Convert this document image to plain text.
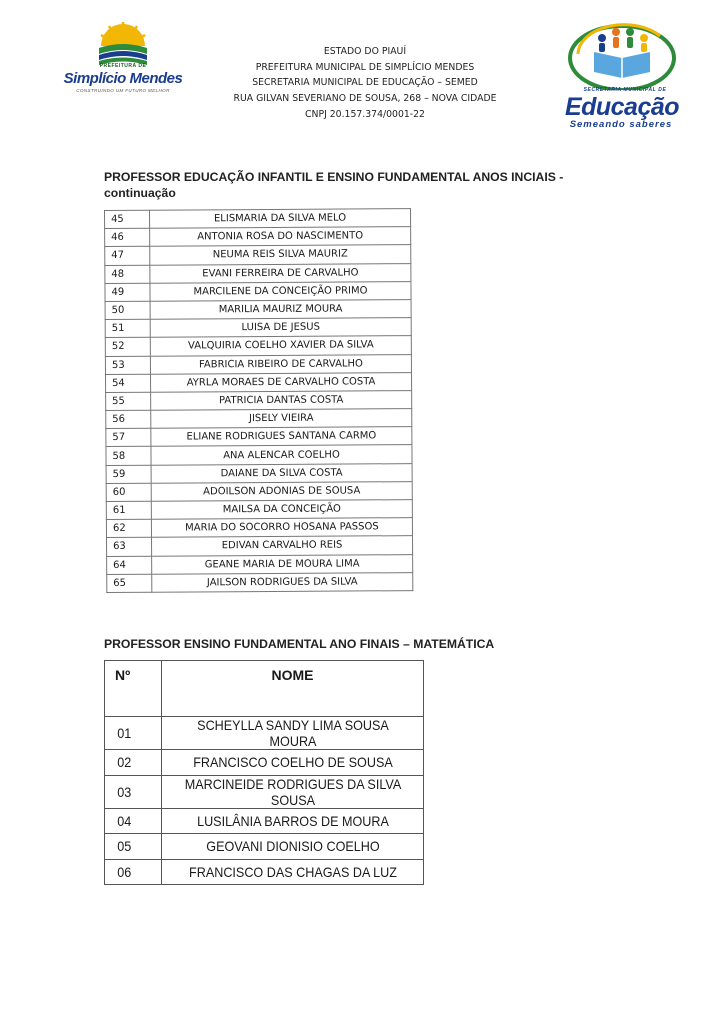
PREFEITURA DE
Simplício Mendes
CONSTRUINDO UM FUTURO MELHOR
ESTADO DO PIAUÍ
PREFEITURA MUNICIPAL DE SIMPLÍCIO MENDES
SECRETARIA MUNICIPAL DE EDUCAÇÃO – SEMED
RUA GILVAN SEVERIANO DE SOUSA, 268 – NOVA CIDADE
CNPJ 20.157.374/0001-22
SECRETARIA MUNICIPAL DE
Educação
Semeando saberes
PROFESSOR EDUCAÇÃO INFANTIL E ENSINO FUNDAMENTAL ANOS INCIAIS - continuação
45	ELISMARIA DA SILVA MELO
46	ANTONIA ROSA DO NASCIMENTO
47	NEUMA REIS SILVA MAURIZ
48	EVANI FERREIRA DE CARVALHO
49	MARCILENE DA CONCEIÇÃO PRIMO
50	MARILIA MAURIZ MOURA
51	LUISA DE JESUS
52	VALQUIRIA COELHO XAVIER DA SILVA
53	FABRICIA RIBEIRO DE CARVALHO
54	AYRLA MORAES DE CARVALHO COSTA
55	PATRICIA DANTAS COSTA
56	JISELY VIEIRA
57	ELIANE RODRIGUES SANTANA CARMO
58	ANA ALENCAR COELHO
59	DAIANE DA SILVA COSTA
60	ADOILSON ADONIAS DE SOUSA
61	MAILSA DA CONCEIÇÃO
62	MARIA DO SOCORRO HOSANA PASSOS
63	EDIVAN CARVALHO REIS
64	GEANE MARIA DE MOURA LIMA
65	JAILSON RODRIGUES DA SILVA
PROFESSOR ENSINO FUNDAMENTAL ANO FINAIS – MATEMÁTICA
Nº	NOME
01	SCHEYLLA SANDY LIMA SOUSA MOURA
02	FRANCISCO COELHO DE SOUSA
03	MARCINEIDE RODRIGUES DA SILVA SOUSA
04	LUSILÂNIA BARROS DE MOURA
05	GEOVANI DIONISIO COELHO
06	FRANCISCO DAS CHAGAS DA LUZ
